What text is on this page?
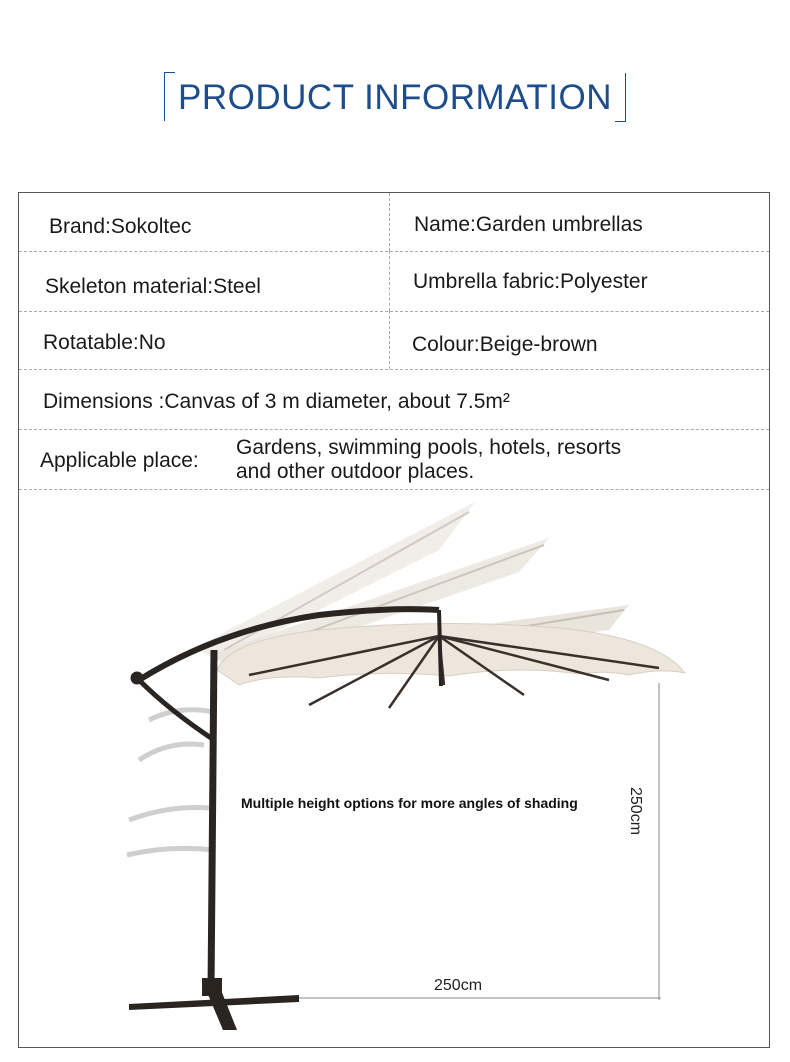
PRODUCT INFORMATION
Brand:Sokoltec	Name:Garden umbrellas
Skeleton material:Steel	Umbrella fabric:Polyester
Rotatable:No	Colour:Beige-brown
Dimensions :Canvas of 3 m diameter, about 7.5m²
Applicable place:
Gardens, swimming pools, hotels, resorts
and other outdoor places.
Multiple height options for more angles of shading	250cm
250cm
